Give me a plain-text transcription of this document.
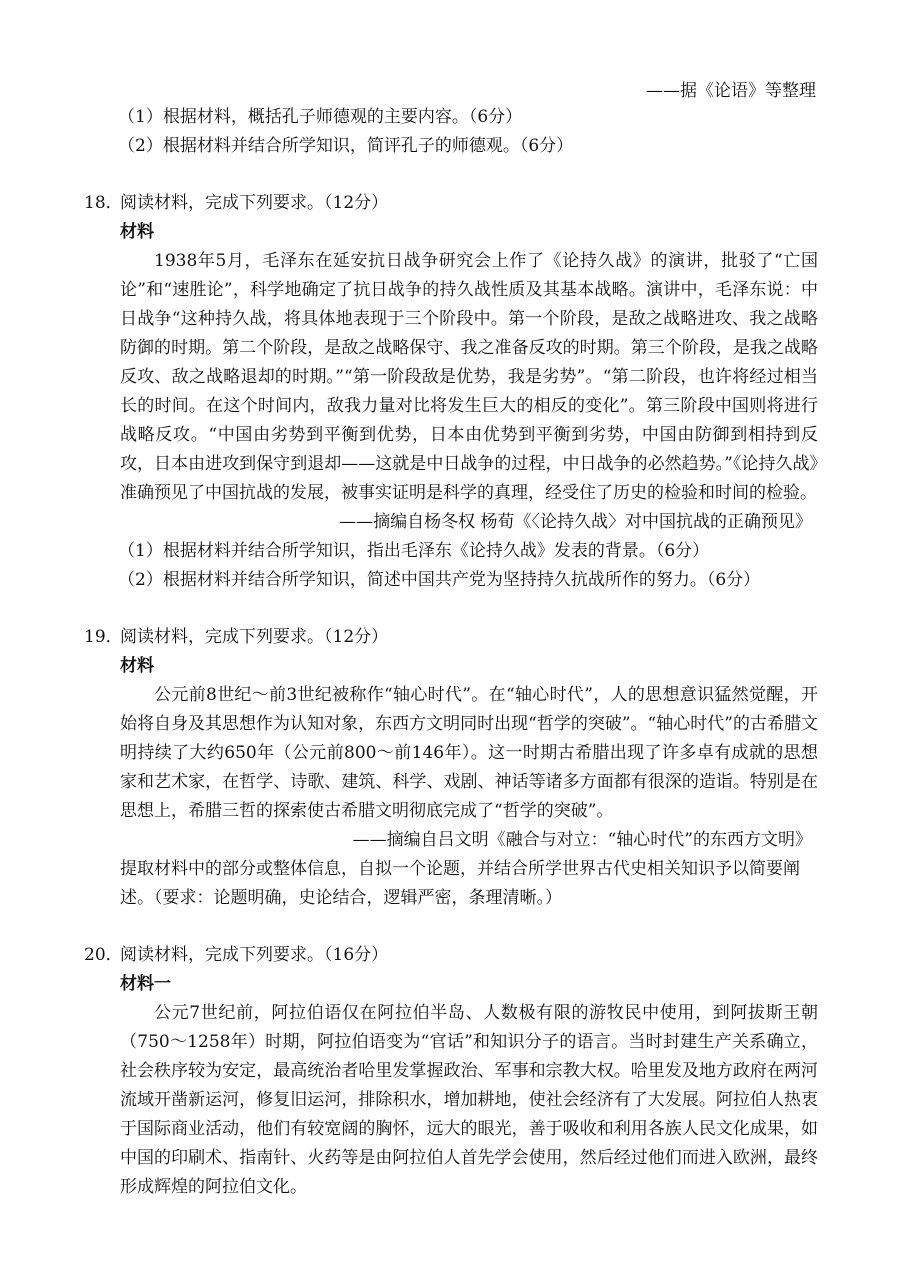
——据《论语》等整理
（1）根据材料，概括孔子师德观的主要内容。（6分）
（2）根据材料并结合所学知识，简评孔子的师德观。（6分）
18．阅读材料，完成下列要求。（12分）
材料
1938年5月，毛泽东在延安抗日战争研究会上作了《论持久战》的演讲，批驳了“亡国论”和“速胜论”，科学地确定了抗日战争的持久战性质及其基本战略。演讲中，毛泽东说：中日战争“这种持久战，将具体地表现于三个阶段中。第一个阶段，是敌之战略进攻、我之战略防御的时期。第二个阶段，是敌之战略保守、我之准备反攻的时期。第三个阶段，是我之战略反攻、敌之战略退却的时期。”“第一阶段敌是优势，我是劣势”。“第二阶段，也许将经过相当长的时间。在这个时间内，敌我力量对比将发生巨大的相反的变化”。第三阶段中国则将进行战略反攻。“中国由劣势到平衡到优势，日本由优势到平衡到劣势，中国由防御到相持到反攻，日本由进攻到保守到退却——这就是中日战争的过程，中日战争的必然趋势。”《论持久战》准确预见了中国抗战的发展，被事实证明是科学的真理，经受住了历史的检验和时间的检验。
——摘编自杨冬权 杨荀《〈论持久战〉对中国抗战的正确预见》
（1）根据材料并结合所学知识，指出毛泽东《论持久战》发表的背景。（6分）
（2）根据材料并结合所学知识，简述中国共产党为坚持持久抗战所作的努力。（6分）
19．阅读材料，完成下列要求。（12分）
材料
公元前8世纪～前3世纪被称作“轴心时代”。在“轴心时代”，人的思想意识猛然觉醒，开始将自身及其思想作为认知对象，东西方文明同时出现“哲学的突破”。“轴心时代”的古希腊文明持续了大约650年（公元前800～前146年）。这一时期古希腊出现了许多卓有成就的思想家和艺术家，在哲学、诗歌、建筑、科学、戏剧、神话等诸多方面都有很深的造诣。特别是在思想上，希腊三哲的探索使古希腊文明彻底完成了“哲学的突破”。
——摘编自吕文明《融合与对立：“轴心时代”的东西方文明》
提取材料中的部分或整体信息，自拟一个论题，并结合所学世界古代史相关知识予以简要阐述。（要求：论题明确，史论结合，逻辑严密，条理清晰。）
20．阅读材料，完成下列要求。（16分）
材料一
公元7世纪前，阿拉伯语仅在阿拉伯半岛、人数极有限的游牧民中使用，到阿拔斯王朝（750～1258年）时期，阿拉伯语变为“官话”和知识分子的语言。当时封建生产关系确立，社会秩序较为安定，最高统治者哈里发掌握政治、军事和宗教大权。哈里发及地方政府在两河流域开凿新运河，修复旧运河，排除积水，增加耕地，使社会经济有了大发展。阿拉伯人热衷于国际商业活动，他们有较宽阔的胸怀，远大的眼光，善于吸收和利用各族人民文化成果，如中国的印刷术、指南针、火药等是由阿拉伯人首先学会使用，然后经过他们而进入欧洲，最终形成辉煌的阿拉伯文化。
